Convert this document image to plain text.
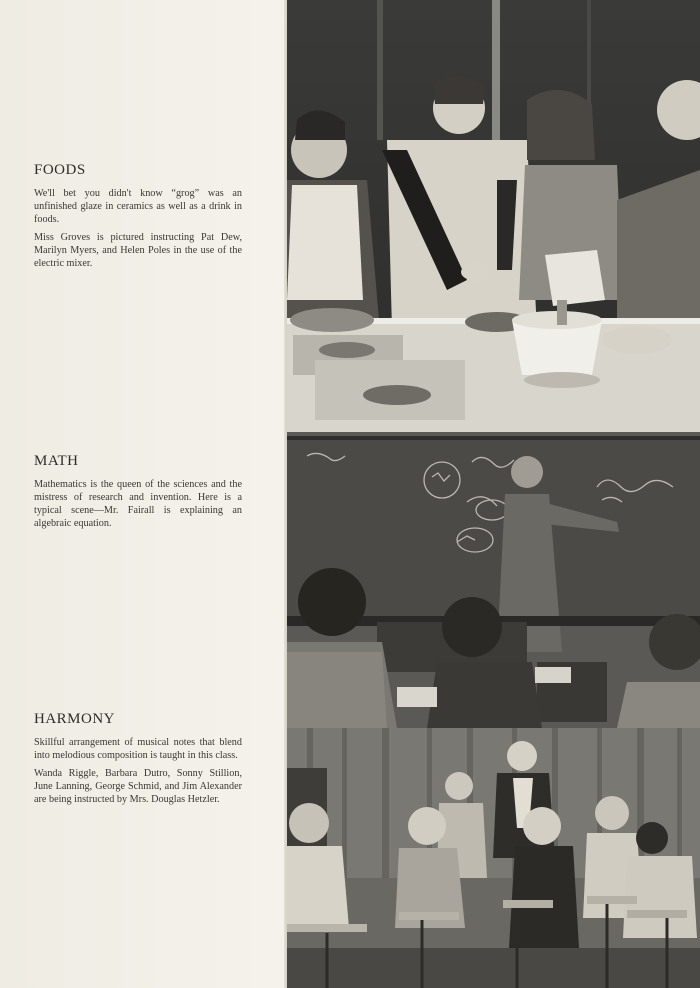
FOODS

We'll bet you didn't know “grog” was an unfinished glaze in ceramics as well as a drink in foods.

Miss Groves is pictured instructing Pat Dew, Marilyn Myers, and Helen Poles in the use of the electric mixer.

MATH

Mathematics is the queen of the sciences and the mistress of research and invention. Here is a typical scene—Mr. Fairall is explaining an algebraic equation.

HARMONY

Skillful arrangement of musical notes that blend into melodious composition is taught in this class.

Wanda Riggle, Barbara Dutro, Sonny Stillion, June Lanning, George Schmid, and Jim Alexander are being instructed by Mrs. Douglas Hetzler.
